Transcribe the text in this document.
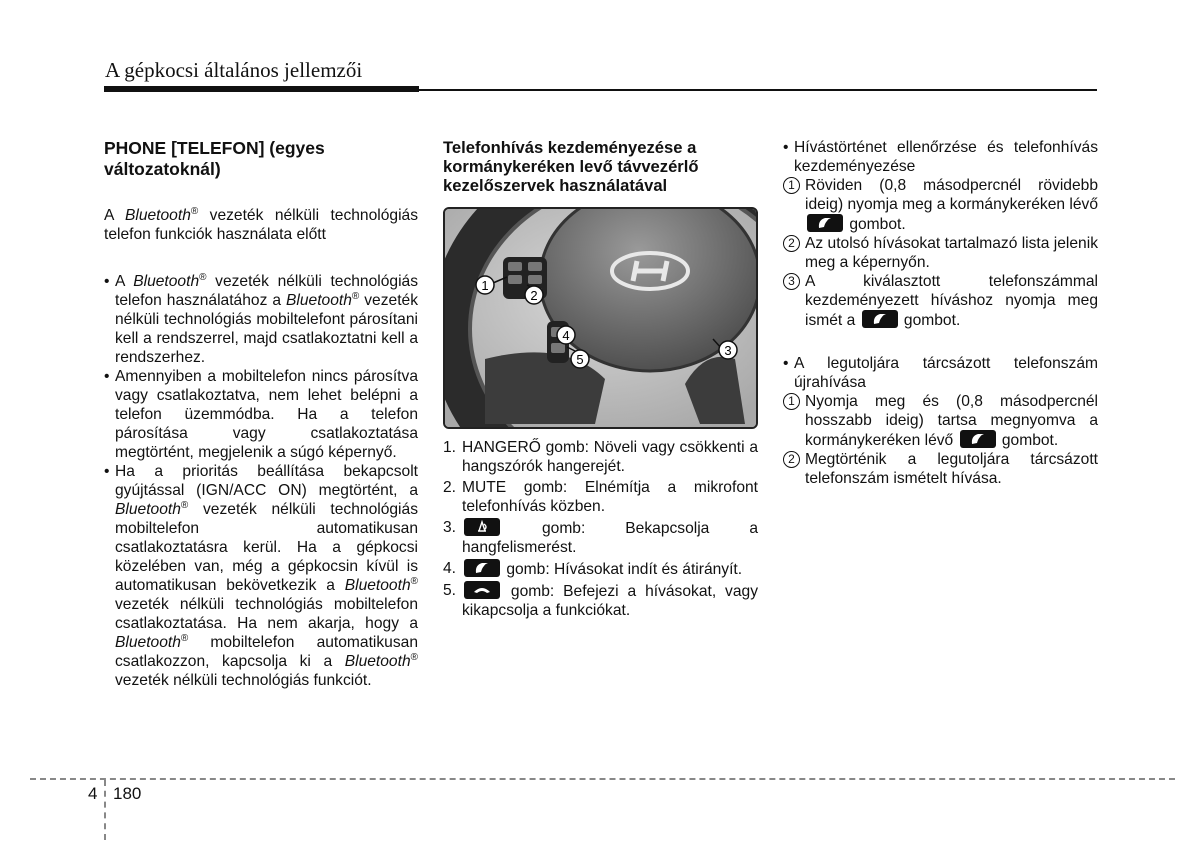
A gépkocsi általános jellemzői
PHONE [TELEFON] (egyes változatoknál)

A Bluetooth® vezeték nélküli technológiás telefon funkciók használata előtt

• A Bluetooth® vezeték nélküli technológiás telefon használatához a Bluetooth® vezeték nélküli technológiás mobiltelefont párosítani kell a rendszerrel, majd csatlakoztatni kell a rendszerhez.
• Amennyiben a mobiltelefon nincs párosítva vagy csatlakoztatva, nem lehet belépni a telefon üzemmódba. Ha a telefon párosítása vagy csatlakoztatása megtörtént, megjelenik a súgó képernyő.
• Ha a prioritás beállítása bekapcsolt gyújtással (IGN/ACC ON) megtörtént, a Bluetooth® vezeték nélküli technológiás mobiltelefon automatikusan csatlakoztatásra kerül. Ha a gépkocsi közelében van, még a gépkocsin kívül is automatikusan bekövetkezik a Bluetooth® vezeték nélküli technológiás mobiltelefon csatlakoztatása. Ha nem akarja, hogy a Bluetooth® mobiltelefon automatikusan csatlakozzon, kapcsolja ki a Bluetooth® vezeték nélküli technológiás funkciót.
Telefonhívás kezdeményezése a kormánykeréken levő távvezérlő kezelőszervek használatával
1
2
4
5
3
1. HANGERŐ gomb: Növeli vagy csökkenti a hangszórók hangerejét.
2. MUTE gomb: Elnémítja a mikrofont telefonhívás közben.
3.	gomb: Bekapcsolja a hangfelismerést.
4.	gomb: Hívásokat indít és átirányít.
5.	gomb: Befejezi a hívásokat, vagy kikapcsolja a funkciókat.
• Hívástörténet ellenőrzése és telefonhívás kezdeményezése
1 Röviden (0,8 másodpercnél rövidebb ideig) nyomja meg a kormánykeréken lévő
gombot.
2 Az utolsó hívásokat tartalmazó lista jelenik meg a képernyőn.
3 A kiválasztott telefonszámmal kezdeményezett híváshoz nyomja meg ismét a	gombot.
• A legutoljára tárcsázott telefonszám újrahívása
1 Nyomja meg és (0,8 másodpercnél hosszabb ideig) tartsa megnyomva a kormánykeréken lévő	gombot.
2 Megtörténik a legutoljára tárcsázott telefonszám ismételt hívása.
4 180
